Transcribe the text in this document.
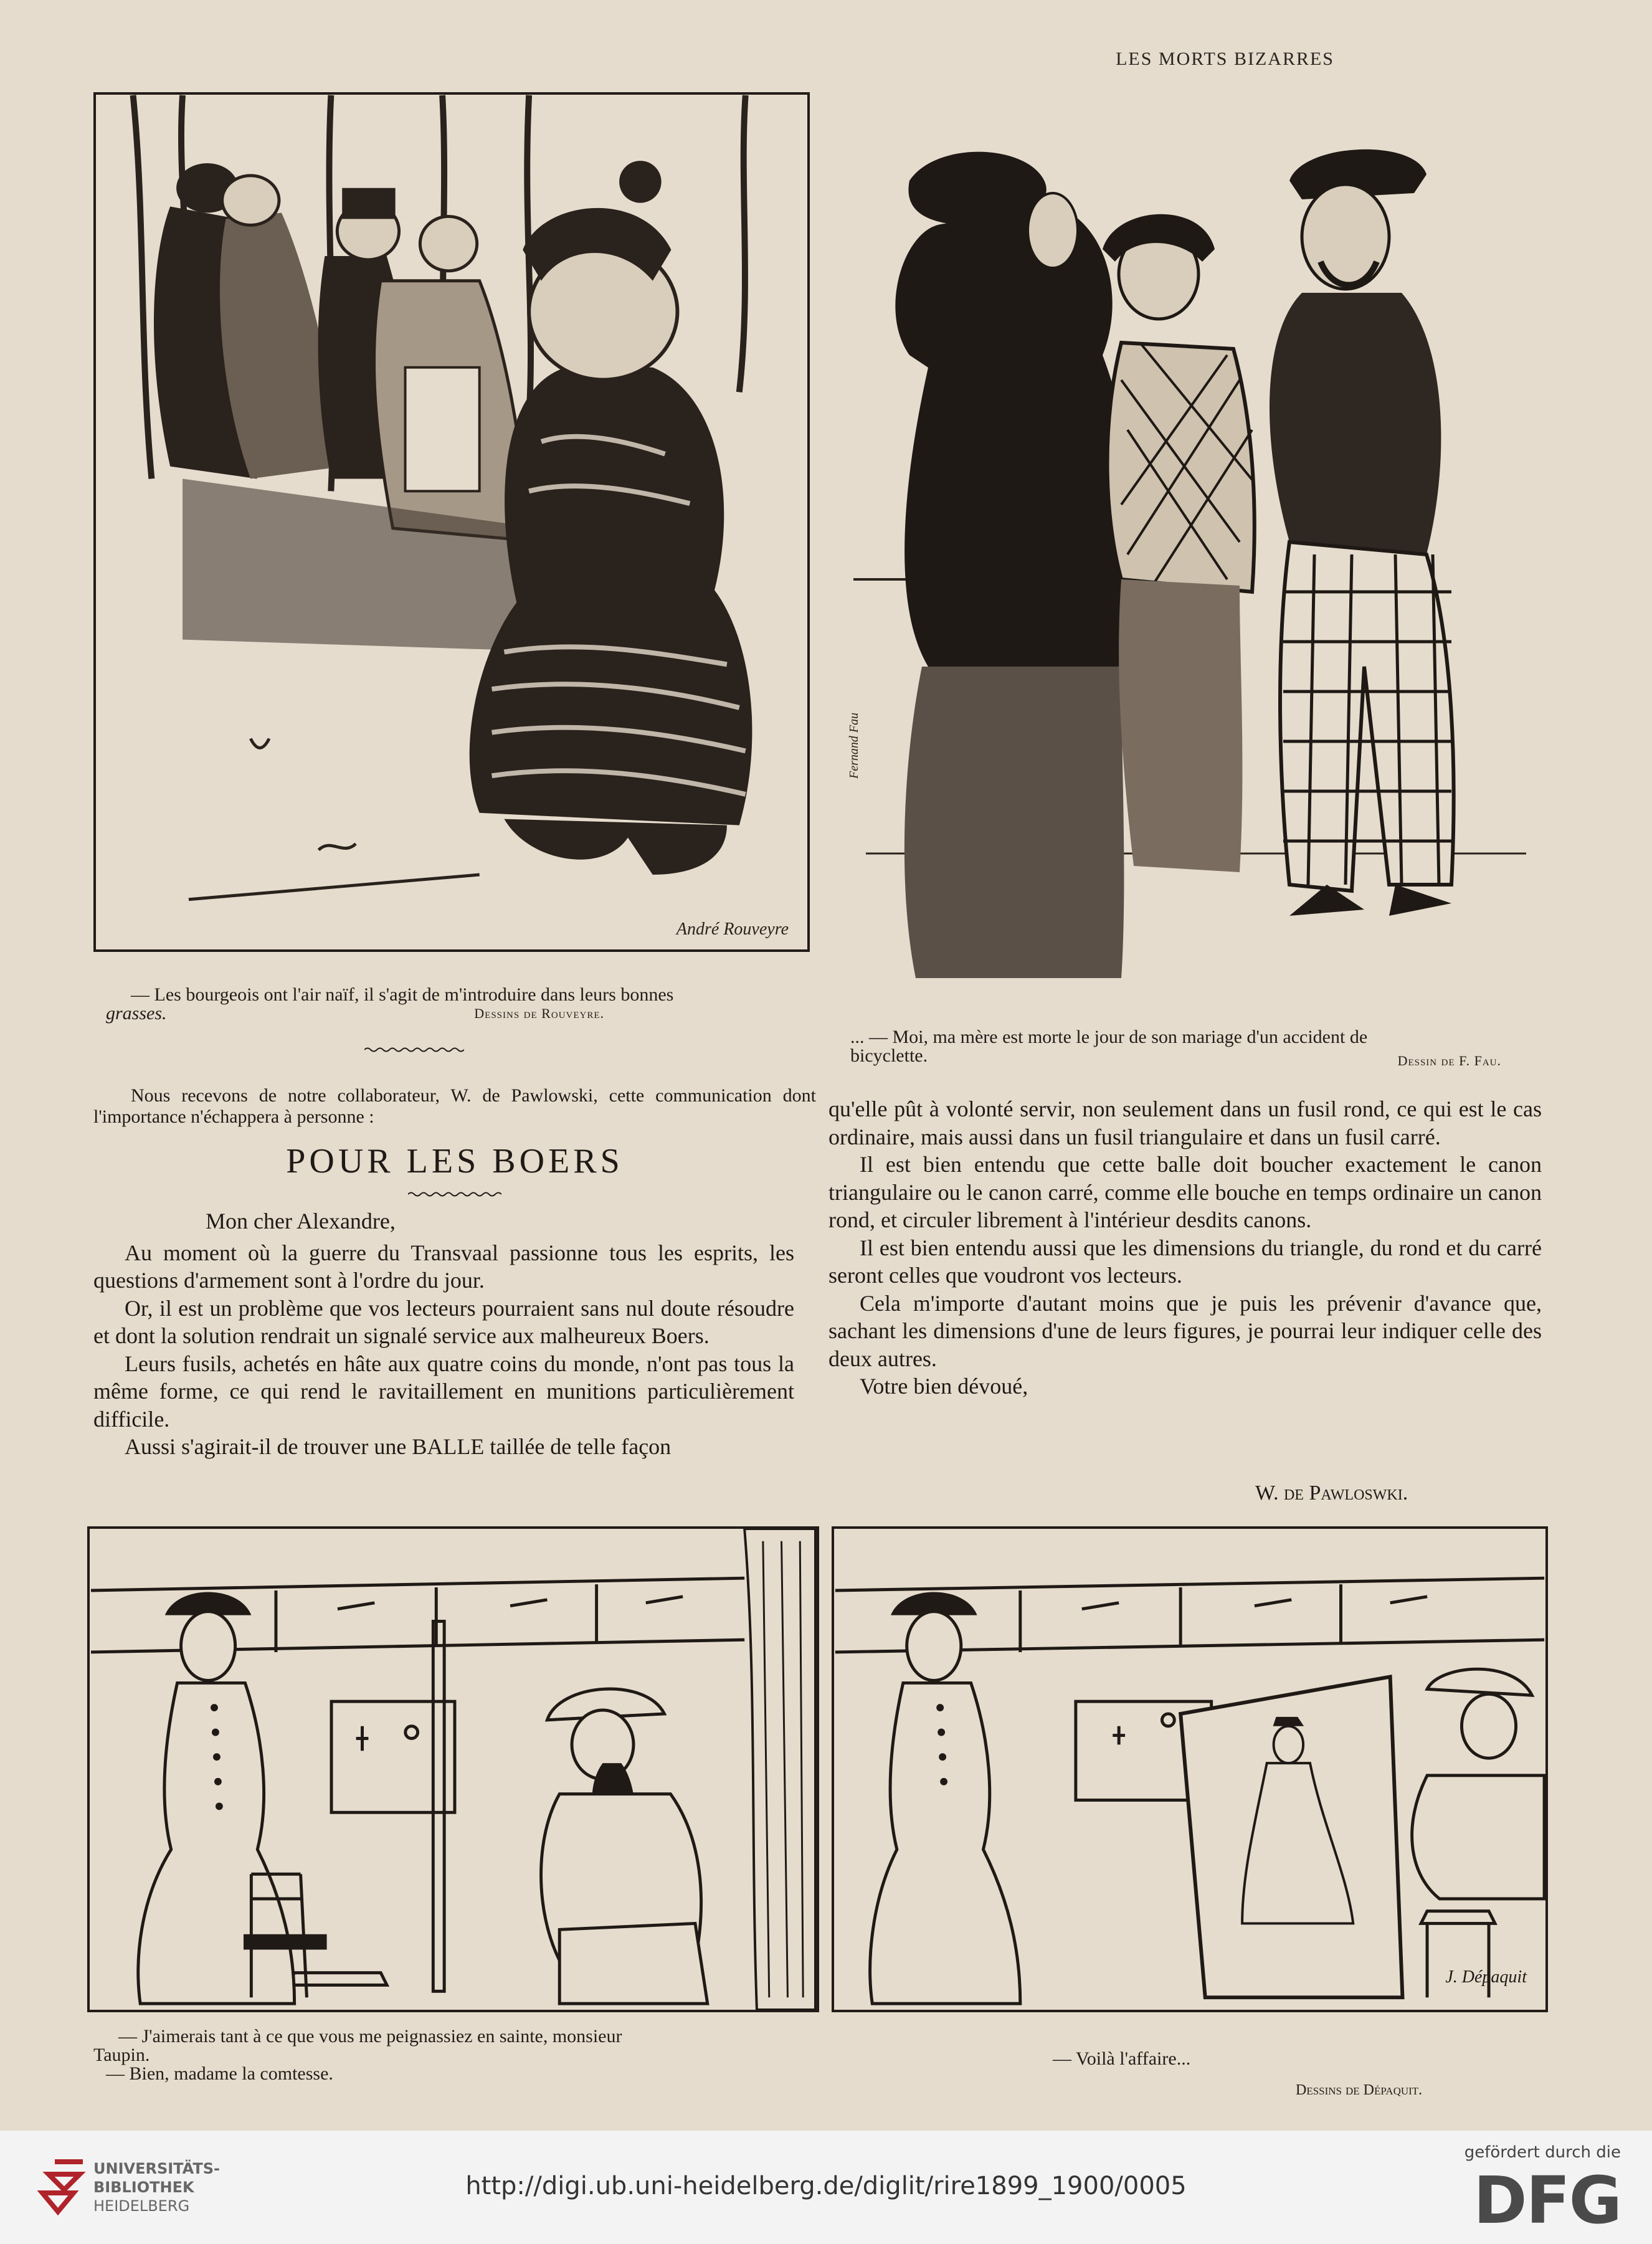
LES MORTS BIZARRES
André Rouveyre
— Les bourgeois ont l'air naïf, il s'agit de m'introduire dans leurs bonnes
grasses.	Dessins de Rouveyre.
Fernand Fau
... — Moi, ma mère est morte le jour de son mariage d'un accident de
bicyclette.	Dessin de F. Fau.

Nous recevons de notre collaborateur, W. de Pawlowski, cette communication dont l'importance n'échappera à personne :

POUR LES BOERS

Mon cher Alexandre,

Au moment où la guerre du Transvaal passionne tous les esprits, les questions d'armement sont à l'ordre du jour.

Or, il est un problème que vos lecteurs pourraient sans nul doute résoudre et dont la solution rendrait un signalé service aux malheureux Boers.

Leurs fusils, achetés en hâte aux quatre coins du monde, n'ont pas tous la même forme, ce qui rend le ravitaillement en munitions particulièrement difficile.

Aussi s'agirait-il de trouver une BALLE taillée de telle façon

qu'elle pût à volonté servir, non seulement dans un fusil rond, ce qui est le cas ordinaire, mais aussi dans un fusil triangulaire et dans un fusil carré.

Il est bien entendu que cette balle doit boucher exactement le canon triangulaire ou le canon carré, comme elle bouche en temps ordinaire un canon rond, et circuler librement à l'intérieur desdits canons.

Il est bien entendu aussi que les dimensions du triangle, du rond et du carré seront celles que voudront vos lecteurs.

Cela m'importe d'autant moins que je puis les prévenir d'avance que, sachant les dimensions d'une de leurs figures, je pourrai leur indiquer celle des deux autres.

Votre bien dévoué,

W. de Pawloswki.
J. Dépaquit
— J'aimerais tant à ce que vous me peignassiez en sainte, monsieur
Taupin.
— Bien, madame la comtesse.
— Voilà l'affaire...
Dessins de Dépaquit.
UNIVERSITÄTS-
BIBLIOTHEK
HEIDELBERG
http://digi.ub.uni-heidelberg.de/diglit/rire1899_1900/0005
gefördert durch die
DFG
